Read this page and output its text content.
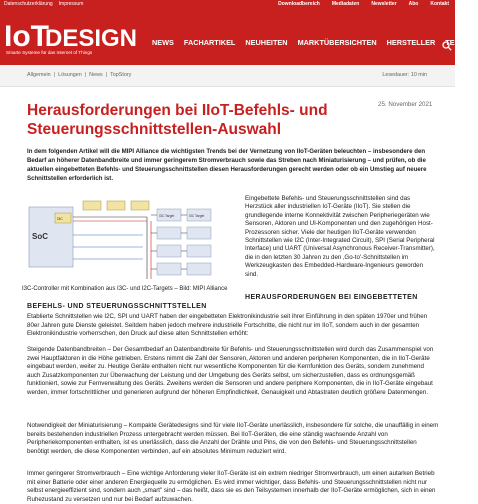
Datenschutzerklärung Impressum	Downloadbereich Mediadaten Newsletter Abo Kontakt
IoT
DESIGN
Smarte Systeme für das Internet of Things
NEWS FACHARTIKEL NEUHEITEN MARKTÜBERSICHTEN HERSTELLER TERMINE
Allgemein | Lösungen | News | TopStory	Lesedauer: 10 min
25. November 2021
Herausforderungen bei IIoT-Befehls- und Steuerungsschnittstellen-Auswahl

In dem folgenden Artikel will die MIPI Alliance die wichtigsten Trends bei der Vernetzung von IIoT-Geräten beleuchten – insbesondere den Bedarf an höherer Datenbandbreite und immer geringerem Stromverbrauch sowie das Streben nach Miniaturisierung – und prüfen, ob die aktuellen eingebetteten Befehls- und Steuerungsschnittstellen diesen Herausforderungen gerecht werden oder ob ein Umstieg auf neuere Schnittstellen erforderlich ist.

SoC
I3C
I3C Target	I3C Target
I3C-Controller mit Kombination aus I3C- und I2C-Targets – Bild: MIPI Alliance

Eingebettete Befehls- und Steuerungsschnittstellen sind das Herzstück aller industriellen IoT-Geräte (IIoT). Sie stellen die grundlegende interne Konnektivität zwischen Peripheriegeräten wie Sensoren, Aktoren und UI-Komponenten und den zugehörigen Host-Prozessoren sicher. Viele der heutigen IIoT-Geräte verwenden Schnittstellen wie I2C (Inter-Integrated Circuit), SPI (Serial Peripheral Interface) und UART (Universal Asynchronous Receiver-Transmitter), die in den letzten 30 Jahren zu den ‚Go-to'-Schnittstellen im Werkzeugkasten des Embedded-Hardware-Ingenieurs geworden sind.

HERAUSFORDERUNGEN BEI EINGEBETTETEN
BEFEHLS- UND STEUERUNGSSCHNITTSTELLEN

Etablierte Schnittstellen wie I2C, SPI und UART haben der eingebetteten Elektronikindustrie seit ihrer Einführung in den späten 1970er und frühen 80er Jahren gute Dienste geleistet. Seitdem haben jedoch mehrere industrielle Fortschritte, die nicht nur im IIoT, sondern auch in der gesamten Elektronikindustrie vorherrschen, den Druck auf diese alten Schnittstellen erhöht:

Steigende Datenbandbreiten – Der Gesamtbedarf an Datenbandbreite für Befehls- und Steuerungsschnittstellen wird durch das Zusammenspiel von zwei Hauptfaktoren in die Höhe getrieben. Erstens nimmt die Zahl der Sensoren, Aktoren und anderen peripheren Komponenten, die in IIoT-Geräte eingebaut werden, weiter zu. Heutige Geräte enthalten nicht nur wesentliche Komponenten für die Kernfunktion des Geräts, sondern zunehmend auch Zusatzkomponenten zur Überwachung der Leistung und der Umgebung des Geräts selbst, um sicherzustellen, dass es ordnungsgemäß funktioniert, sowie zur Fernverwaltung des Geräts. Zweitens werden die Sensoren und andere periphere Komponenten, die in IIoT-Geräte eingebaut werden, immer fortschrittlicher und generieren aufgrund der höheren Empfindlichkeit, Genauigkeit und Abtastraten deutlich größere Datenmengen.

Notwendigkeit der Miniaturisierung – Kompakte Gerätedesigns sind für viele IIoT-Geräte unerlässlich, insbesondere für solche, die unauffällig in einem bereits bestehenden industriellen Prozess untergebracht werden müssen. Bei IIoT-Geräten, die eine ständig wachsende Anzahl von Peripheriekomponenten enthalten, ist es unerlässlich, dass die Anzahl der Drähte und Pins, die von den Befehls- und Steuerungsschnittstellen benötigt werden, die diese Komponenten verbinden, auf ein absolutes Minimum reduziert wird.

Immer geringerer Stromverbrauch – Eine wichtige Anforderung vieler IIoT-Geräte ist ein extrem niedriger Stromverbrauch, um einen autarken Betrieb mit einer Batterie oder einer anderen Energiequelle zu ermöglichen. Es wird immer wichtiger, dass Befehls- und Steuerungsschnittstellen nicht nur selbst energieeffizient sind, sondern auch „smart" sind – das heißt, dass sie es den Teilsystemen innerhalb der IIoT-Geräte ermöglichen, sich in einen Ruhezustand zu versetzen und nur bei Bedarf aufzuwachen.
